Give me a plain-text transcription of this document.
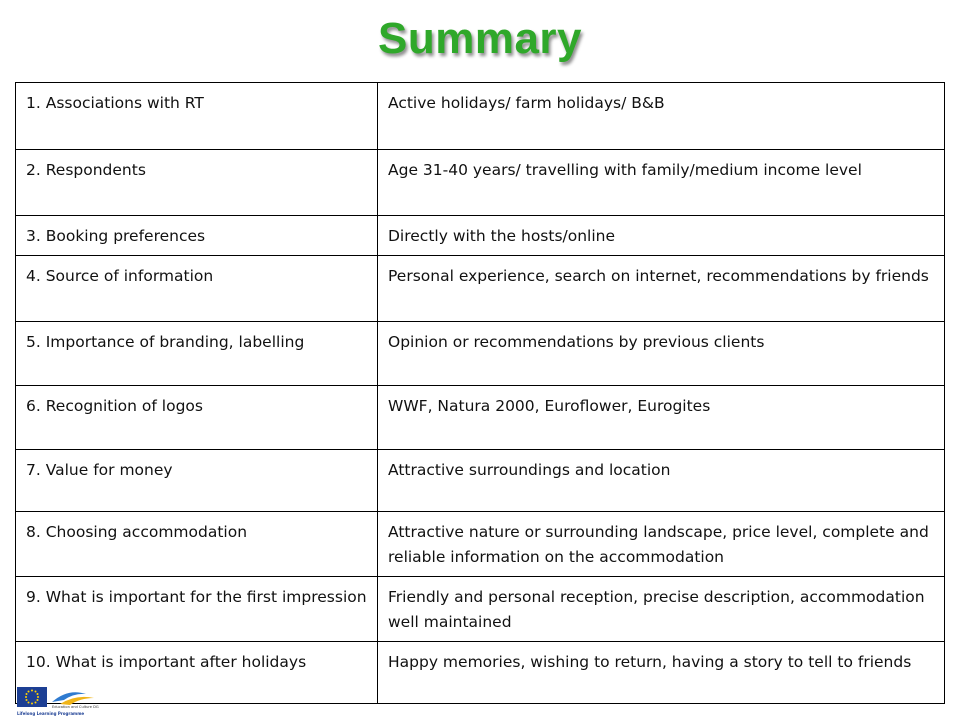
Summary
1. Associations with RT	Active holidays/ farm holidays/ B&B
2. Respondents	Age 31-40 years/ travelling with family/medium income level
3. Booking preferences	Directly with the hosts/online
4. Source of information	Personal experience, search on internet, recommendations by friends
5. Importance of branding, labelling	Opinion or recommendations by previous clients
6. Recognition of logos	WWF, Natura 2000, Euroflower, Eurogites
7. Value for money	Attractive surroundings and location
8. Choosing accommodation	Attractive nature or surrounding landscape, price level, complete and reliable information on the accommodation
9. What is important for the first impression	Friendly and personal reception, precise description, accommodation well maintained
10. What is important after holidays	Happy memories, wishing to return, having a story to tell to friends
Education and Culture DG
Lifelong Learning Programme
